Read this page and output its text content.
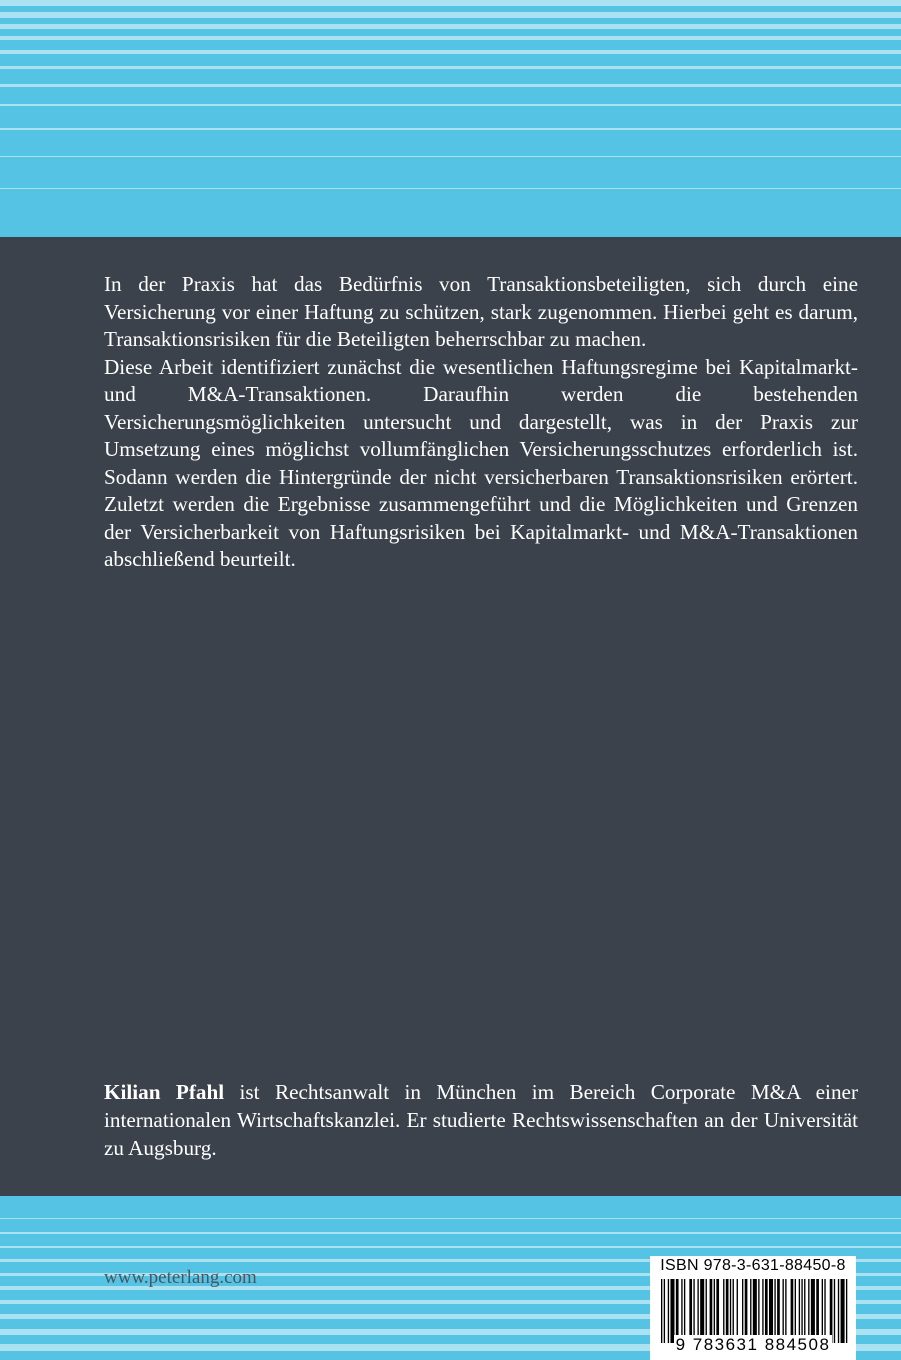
In der Praxis hat das Bedürfnis von Transaktionsbeteiligten, sich durch eine Versicherung vor einer Haftung zu schützen, stark zugenommen. Hierbei geht es darum, Transaktionsrisiken für die Beteiligten beherrschbar zu machen.

Diese Arbeit identifiziert zunächst die wesentlichen Haftungsregime bei Kapitalmarkt- und M&A-Transaktionen. Daraufhin werden die bestehenden Versicherungsmöglichkeiten untersucht und dargestellt, was in der Praxis zur Umsetzung eines möglichst vollumfänglichen Versicherungsschutzes erforderlich ist. Sodann werden die Hintergründe der nicht versicherbaren Transaktionsrisiken erörtert. Zuletzt werden die Ergebnisse zusammengeführt und die Möglichkeiten und Grenzen der Versicherbarkeit von Haftungsrisiken bei Kapitalmarkt- und M&A-Transaktionen abschließend beurteilt.

Kilian Pfahl ist Rechtsanwalt in München im Bereich Corporate M&A einer internationalen Wirtschaftskanzlei. Er studierte Rechtswissenschaften an der Universität zu Augsburg.
www.peterlang.com
ISBN 978-3-631-88450-8
9 783631 884508
